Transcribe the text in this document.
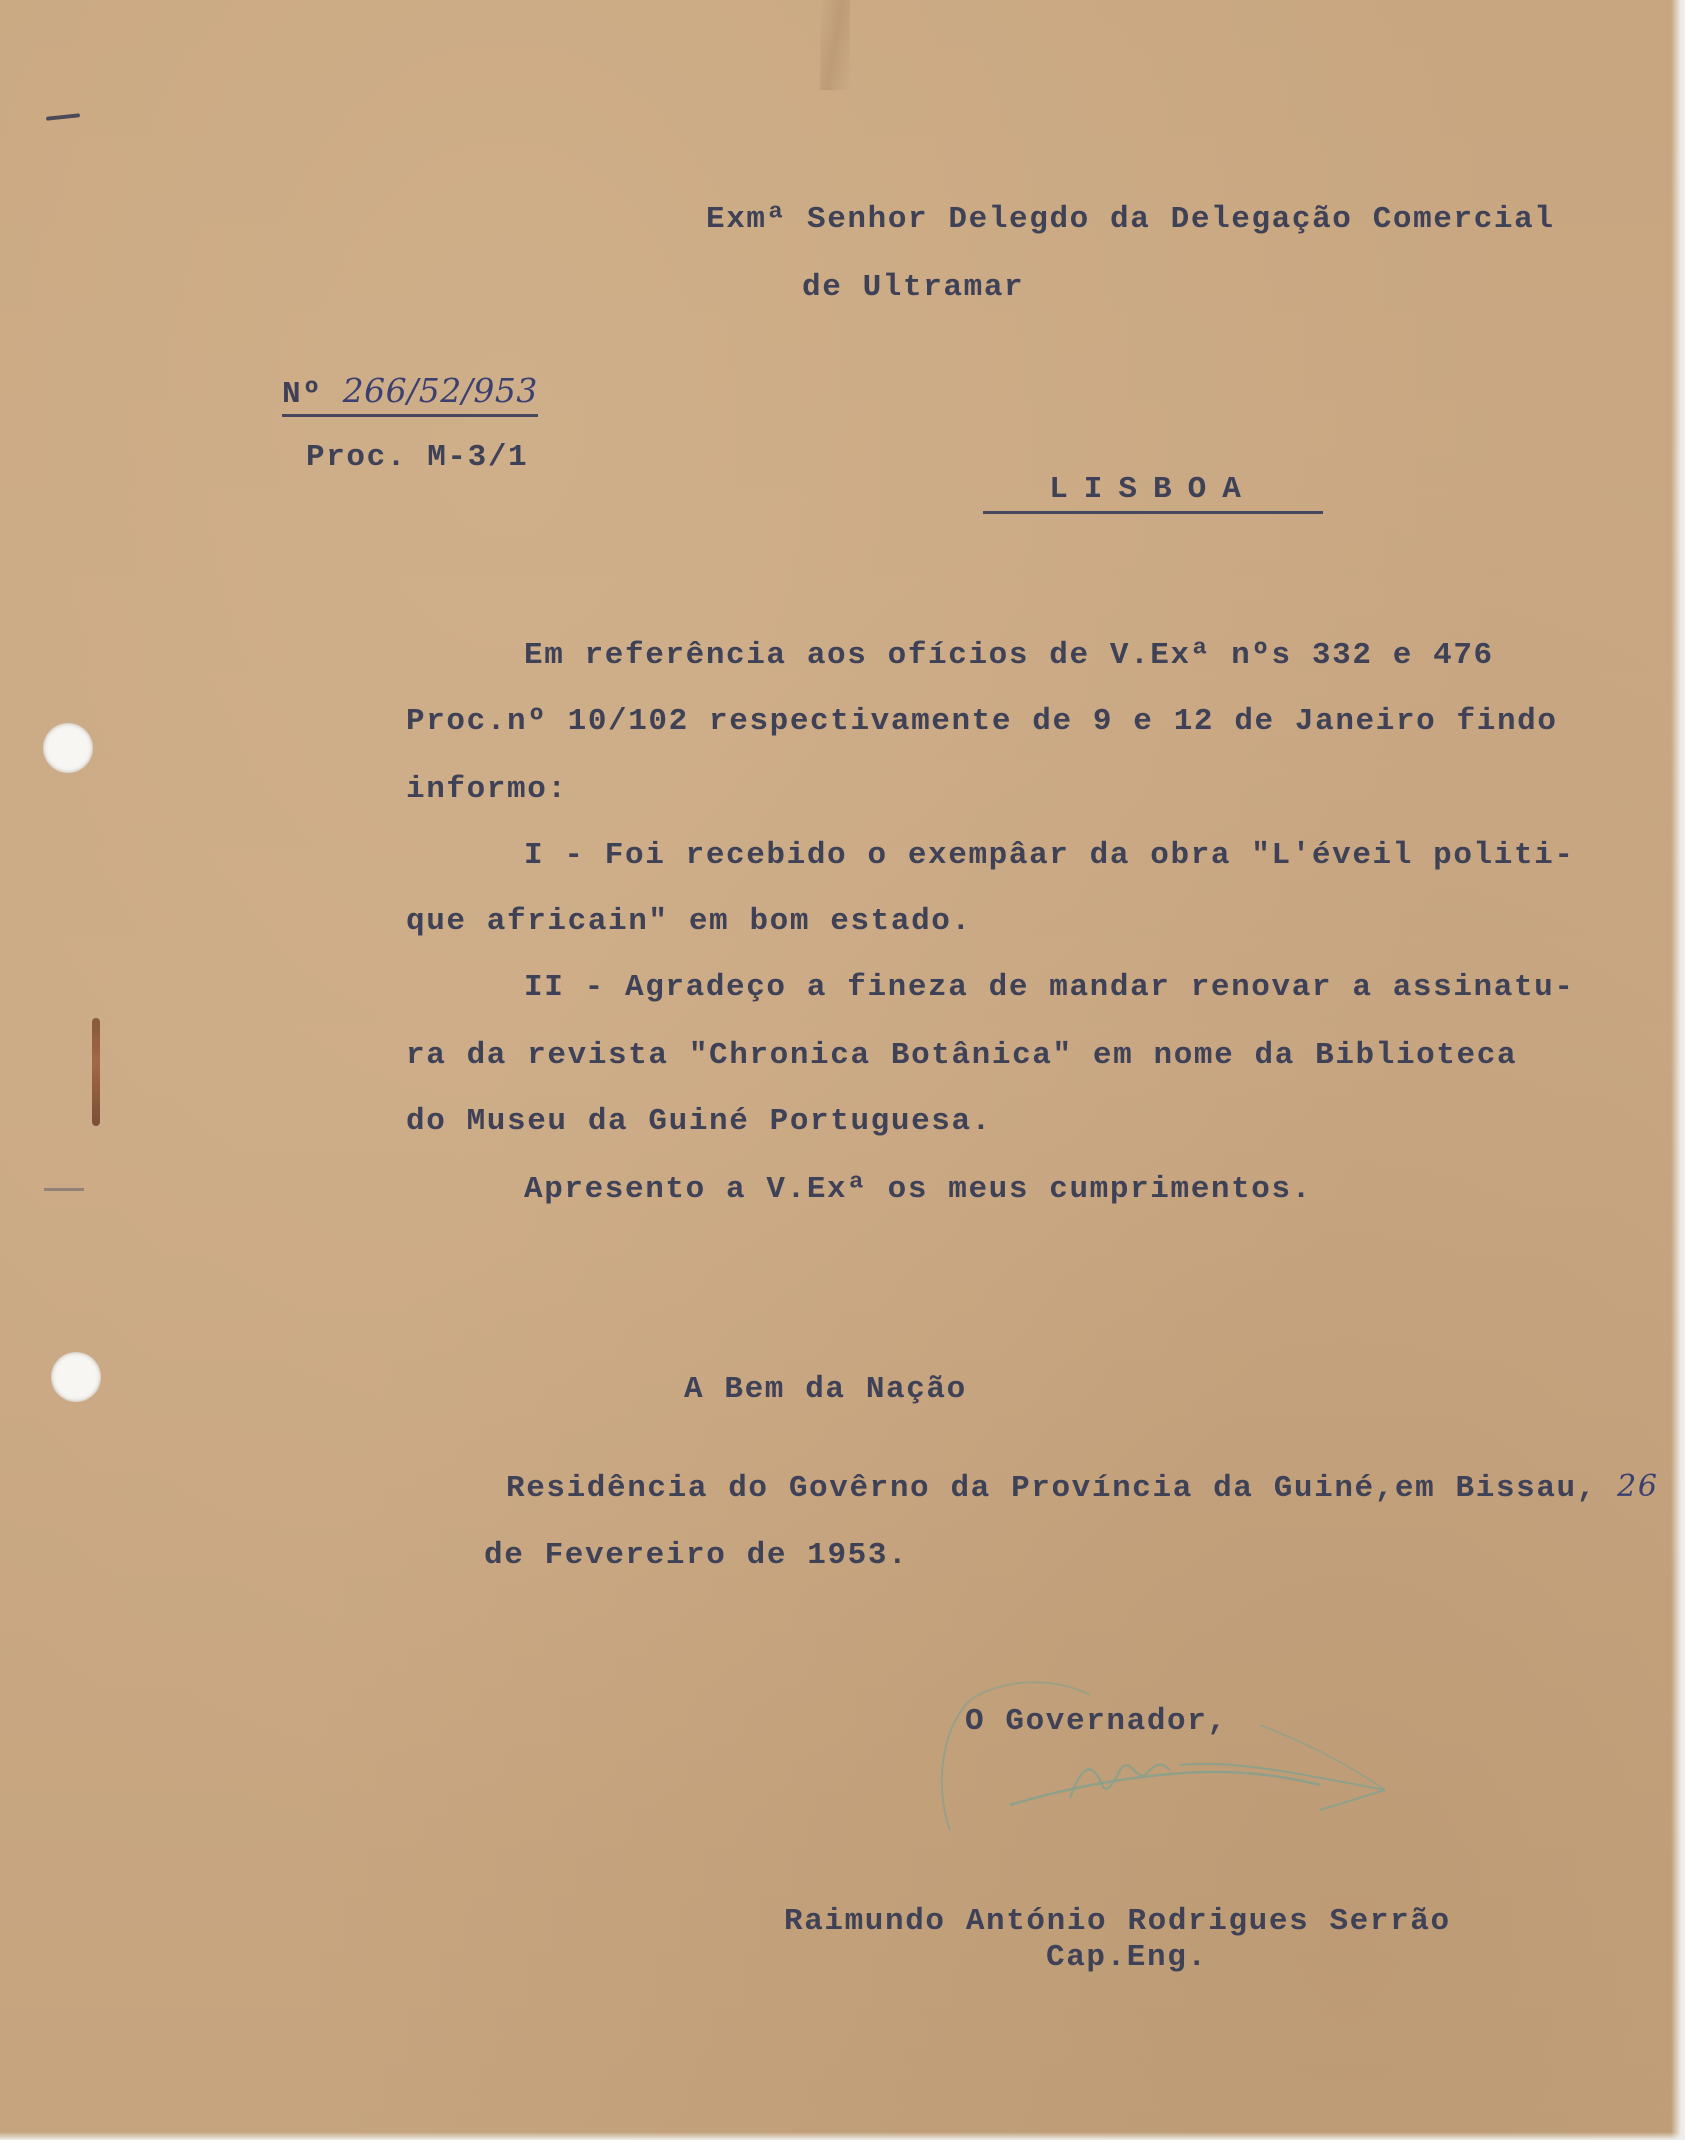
Exmª Senhor Delegdo da Delegação Comercial
de Ultramar
Nº 266/52/953
Proc. M-3/1
LISBOA
Em referência aos ofícios de V.Exª nºs 332 e 476
Proc.nº 10/102 respectivamente de 9 e 12 de Janeiro findo
informo:
I - Foi recebido o exempâar da obra "L'éveil politi-
que africain" em bom estado.
II - Agradeço a fineza de mandar renovar a assinatu-
ra da revista "Chronica Botânica" em nome da Biblioteca
do Museu da Guiné Portuguesa.
Apresento a V.Exª os meus cumprimentos.
A Bem da Nação
Residência do Govêrno da Província da Guiné,em Bissau, 26
de Fevereiro de 1953.
O Governador,
Raimundo António Rodrigues Serrão
Cap.Eng.
